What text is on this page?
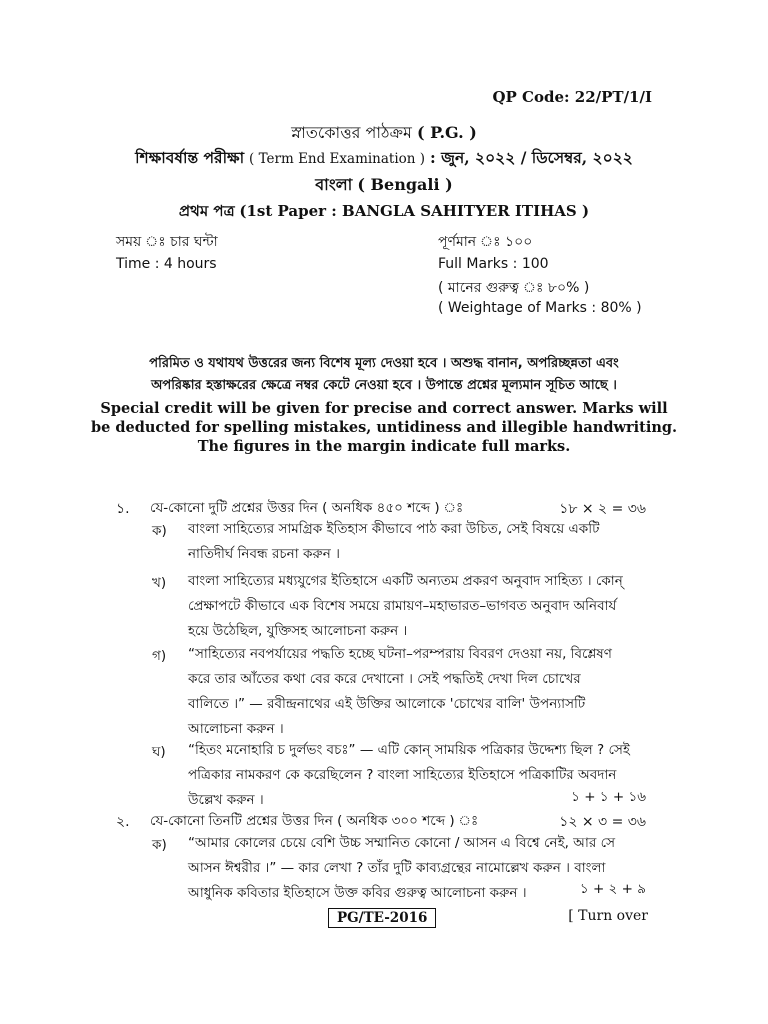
QP Code: 22/PT/1/I
স্নাতকোত্তর পাঠক্রম ( P.G. )
শিক্ষাবর্ষান্ত পরীক্ষা ( Term End Examination ) : জুন, ২০২২ / ডিসেম্বর, ২০২২
বাংলা ( Bengali )
প্রথম পত্র (1st Paper : BANGLA SAHITYER ITIHAS )
সময় ঃ চার ঘন্টা	পূর্ণমান ঃ ১০০
Time : 4 hours	Full Marks : 100
( মানের গুরুত্ব ঃ ৮০% )
( Weightage of Marks : 80% )
পরিমিত ও যথাযথ উত্তরের জন্য বিশেষ মূল্য দেওয়া হবে । অশুদ্ধ বানান, অপরিচ্ছন্নতা এবং
অপরিষ্কার হস্তাক্ষরের ক্ষেত্রে নম্বর কেটে নেওয়া হবে । উপান্তে প্রশ্নের মূল্যমান সূচিত আছে ।
Special credit will be given for precise and correct answer. Marks will
be deducted for spelling mistakes, untidiness and illegible handwriting.
The figures in the margin indicate full marks.
১. যে-কোনো দুটি প্রশ্নের উত্তর দিন ( অনধিক ৪৫০ শব্দে ) ঃ	১৮ × ২ = ৩৬
ক) বাংলা সাহিত্যের সামগ্রিক ইতিহাস কীভাবে পাঠ করা উচিত, সেই বিষয়ে একটি
নাতিদীর্ঘ নিবন্ধ রচনা করুন ।
খ) বাংলা সাহিত্যের মধ্যযুগের ইতিহাসে একটি অন্যতম প্রকরণ অনুবাদ সাহিত্য । কোন্
প্রেক্ষাপটে কীভাবে এক বিশেষ সময়ে রামায়ণ–মহাভারত–ভাগবত অনুবাদ অনিবার্য
হয়ে উঠেছিল, যুক্তিসহ আলোচনা করুন ।
গ) “সাহিত্যের নবপর্যায়ের পদ্ধতি হচ্ছে ঘটনা–পরম্পরায় বিবরণ দেওয়া নয়, বিশ্লেষণ
করে তার আঁতের কথা বের করে দেখানো । সেই পদ্ধতিই দেখা দিল চোখের
বালিতে ।” — রবীন্দ্রনাথের এই উক্তির আলোকে 'চোখের বালি' উপন্যাসটি
আলোচনা করুন ।
ঘ) “হিতং মনোহারি চ দুর্লভং বচঃ” — এটি কোন্ সাময়িক পত্রিকার উদ্দেশ্য ছিল ? সেই
পত্রিকার নামকরণ কে করেছিলেন ? বাংলা সাহিত্যের ইতিহাসে পত্রিকাটির অবদান
উল্লেখ করুন ।	১ + ১ + ১৬
২. যে-কোনো তিনটি প্রশ্নের উত্তর দিন ( অনধিক ৩০০ শব্দে ) ঃ	১২ × ৩ = ৩৬
ক) “আমার কোলের চেয়ে বেশি উচ্চ সম্মানিত কোনো / আসন এ বিশ্বে নেই, আর সে
আসন ঈশ্বরীর ।” — কার লেখা ? তাঁর দুটি কাব্যগ্রন্থের নামোল্লেখ করুন । বাংলা
আধুনিক কবিতার ইতিহাসে উক্ত কবির গুরুত্ব আলোচনা করুন ।	১ + ২ + ৯
PG/TE-2016	[ Turn over
